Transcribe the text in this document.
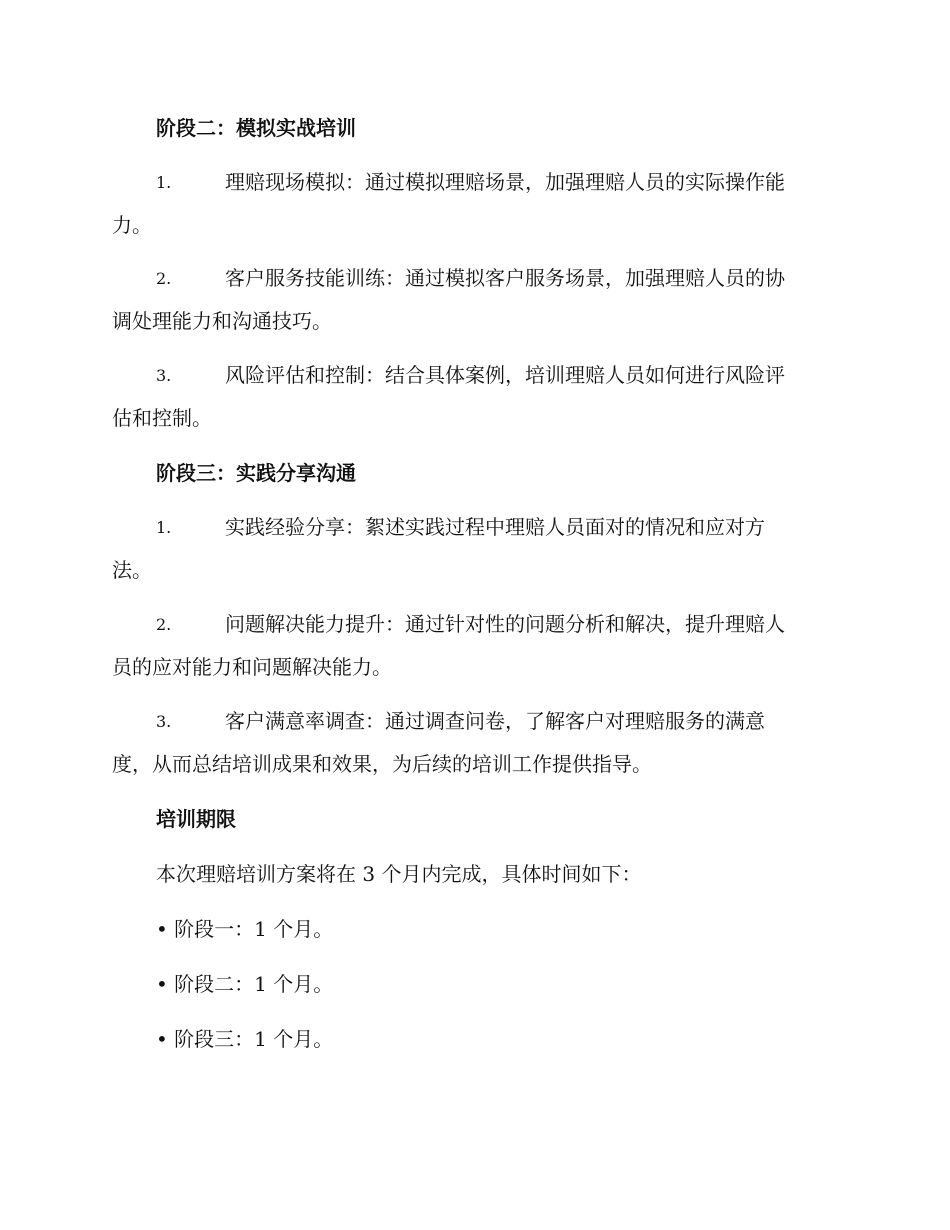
阶段二：模拟实战培训
1.	理赔现场模拟：通过模拟理赔场景，加强理赔人员的实际操作能
力。
2.	客户服务技能训练：通过模拟客户服务场景，加强理赔人员的协
调处理能力和沟通技巧。
3.	风险评估和控制：结合具体案例，培训理赔人员如何进行风险评
估和控制。
阶段三：实践分享沟通
1.	实践经验分享：絮述实践过程中理赔人员面对的情况和应对方
法。
2.	问题解决能力提升：通过针对性的问题分析和解决，提升理赔人
员的应对能力和问题解决能力。
3.	客户满意率调查：通过调查问卷，了解客户对理赔服务的满意
度，从而总结培训成果和效果，为后续的培训工作提供指导。
培训期限
本次理赔培训方案将在 3 个月内完成，具体时间如下：
• 阶段一：1 个月。
• 阶段二：1 个月。
• 阶段三：1 个月。
